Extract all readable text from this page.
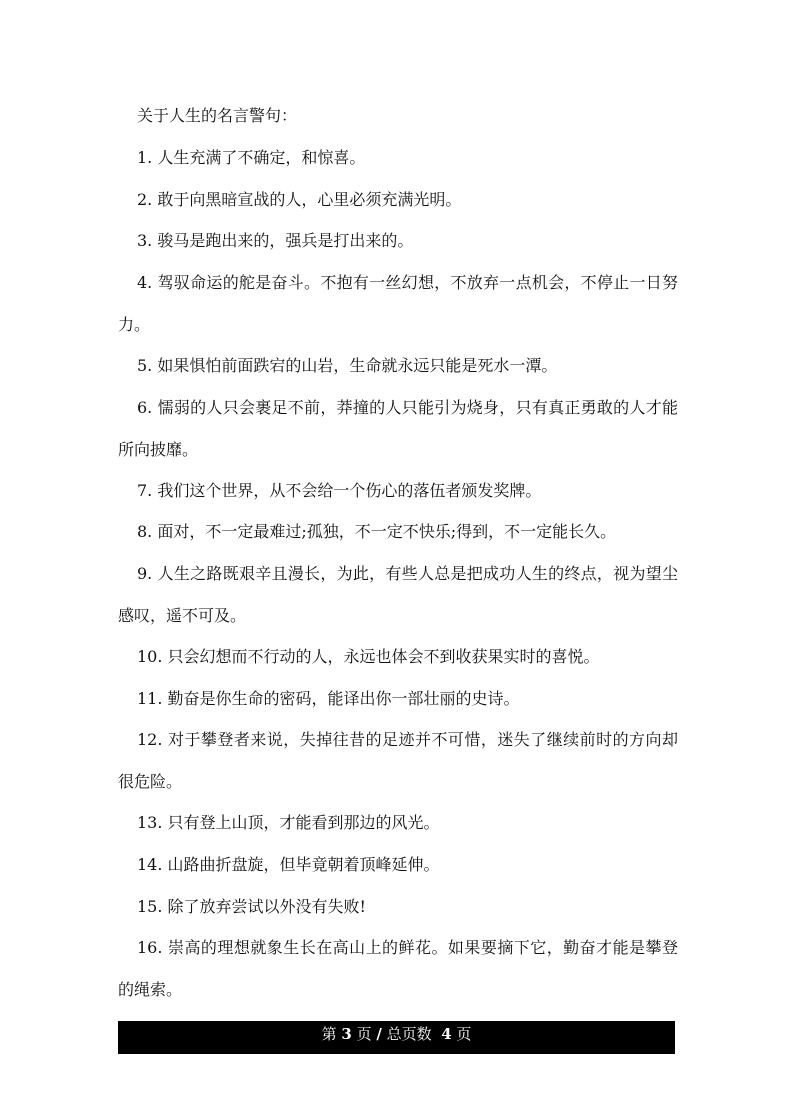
关于人生的名言警句：
1. 人生充满了不确定，和惊喜。
2. 敢于向黑暗宣战的人，心里必须充满光明。
3. 骏马是跑出来的，强兵是打出来的。
4. 驾驭命运的舵是奋斗。不抱有一丝幻想，不放弃一点机会，不停止一日努力。
5. 如果惧怕前面跌宕的山岩，生命就永远只能是死水一潭。
6. 懦弱的人只会裹足不前，莽撞的人只能引为烧身，只有真正勇敢的人才能所向披靡。
7. 我们这个世界，从不会给一个伤心的落伍者颁发奖牌。
8. 面对，不一定最难过;孤独，不一定不快乐;得到，不一定能长久。
9. 人生之路既艰辛且漫长，为此，有些人总是把成功人生的终点，视为望尘感叹，遥不可及。
10. 只会幻想而不行动的人，永远也体会不到收获果实时的喜悦。
11. 勤奋是你生命的密码，能译出你一部壮丽的史诗。
12. 对于攀登者来说，失掉往昔的足迹并不可惜，迷失了继续前时的方向却很危险。
13. 只有登上山顶，才能看到那边的风光。
14. 山路曲折盘旋，但毕竟朝着顶峰延伸。
15. 除了放弃尝试以外没有失败!
16. 崇高的理想就象生长在高山上的鲜花。如果要摘下它，勤奋才能是攀登的绳索。
第 3 页 / 总页数 4 页
